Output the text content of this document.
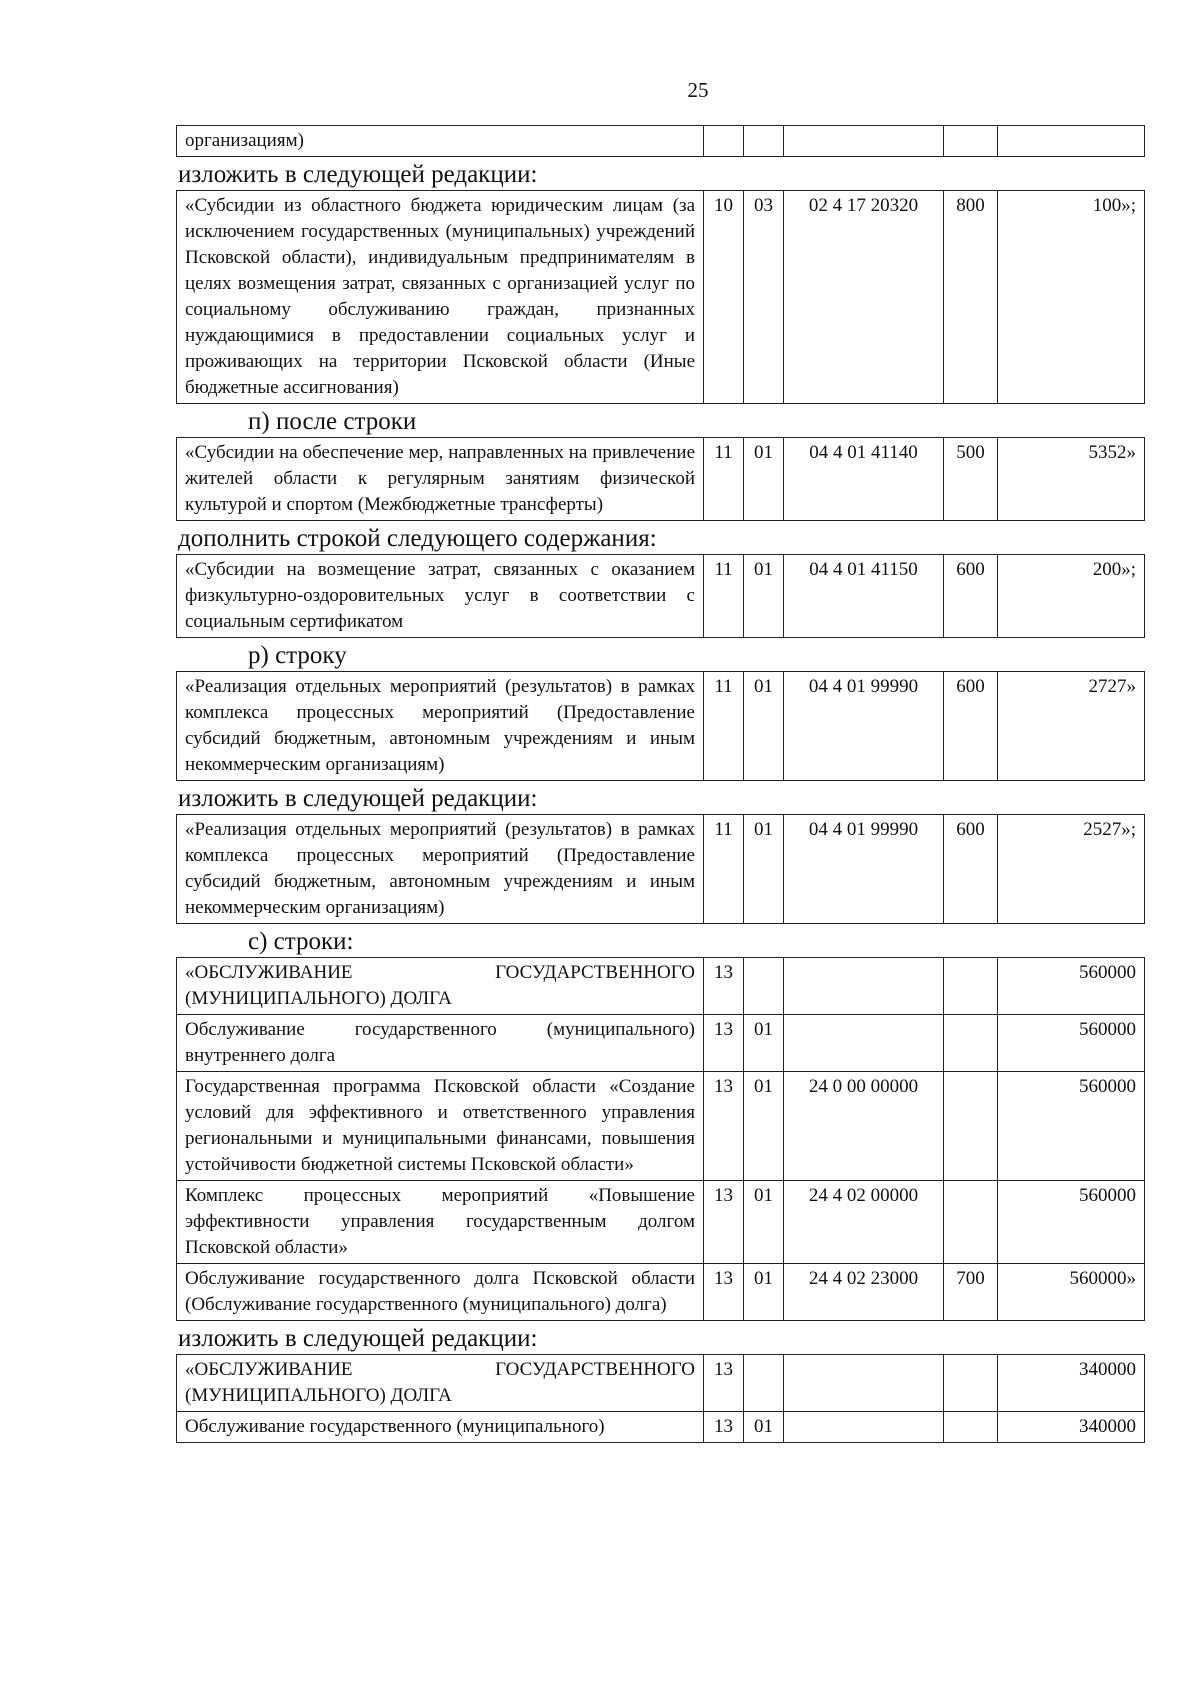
25
организациям)					
изложить в следующей редакции:
«Субсидии из областного бюджета юридическим лицам (за исключением государственных (муниципальных) учреждений Псковской области), индивидуальным предпринимателям в целях возмещения затрат, связанных с организацией услуг по социальному обслуживанию граждан, признанных нуждающимися в предоставлении социальных услуг и проживающих на территории Псковской области (Иные бюджетные ассигнования)	10	03	02 4 17 20320	800	100»;
п) после строки
«Субсидии на обеспечение мер, направленных на привлечение жителей области к регулярным занятиям физической культурой и спортом (Межбюджетные трансферты)	11	01	04 4 01 41140	500	5352»
дополнить строкой следующего содержания:
«Субсидии на возмещение затрат, связанных с оказанием физкультурно-оздоровительных услуг в соответствии с социальным сертификатом	11	01	04 4 01 41150	600	200»;
р) строку
«Реализация отдельных мероприятий (результатов) в рамках комплекса процессных мероприятий (Предоставление субсидий бюджетным, автономным учреждениям и иным некоммерческим организациям)	11	01	04 4 01 99990	600	2727»
изложить в следующей редакции:
«Реализация отдельных мероприятий (результатов) в рамках комплекса процессных мероприятий (Предоставление субсидий бюджетным, автономным учреждениям и иным некоммерческим организациям)	11	01	04 4 01 99990	600	2527»;
с) строки:
«ОБСЛУЖИВАНИЕ ГОСУДАРСТВЕННОГО (МУНИЦИПАЛЬНОГО) ДОЛГА	13				560000
Обслуживание государственного (муниципального) внутреннего долга	13	01			560000
Государственная программа Псковской области «Создание условий для эффективного и ответственного управления региональными и муниципальными финансами, повышения устойчивости бюджетной системы Псковской области»	13	01	24 0 00 00000		560000
Комплекс процессных мероприятий «Повышение эффективности управления государственным долгом Псковской области»	13	01	24 4 02 00000		560000
Обслуживание государственного долга Псковской области (Обслуживание государственного (муниципального) долга)	13	01	24 4 02 23000	700	560000»
изложить в следующей редакции:
«ОБСЛУЖИВАНИЕ ГОСУДАРСТВЕННОГО (МУНИЦИПАЛЬНОГО) ДОЛГА	13				340000
Обслуживание государственного (муниципального)	13	01			340000
